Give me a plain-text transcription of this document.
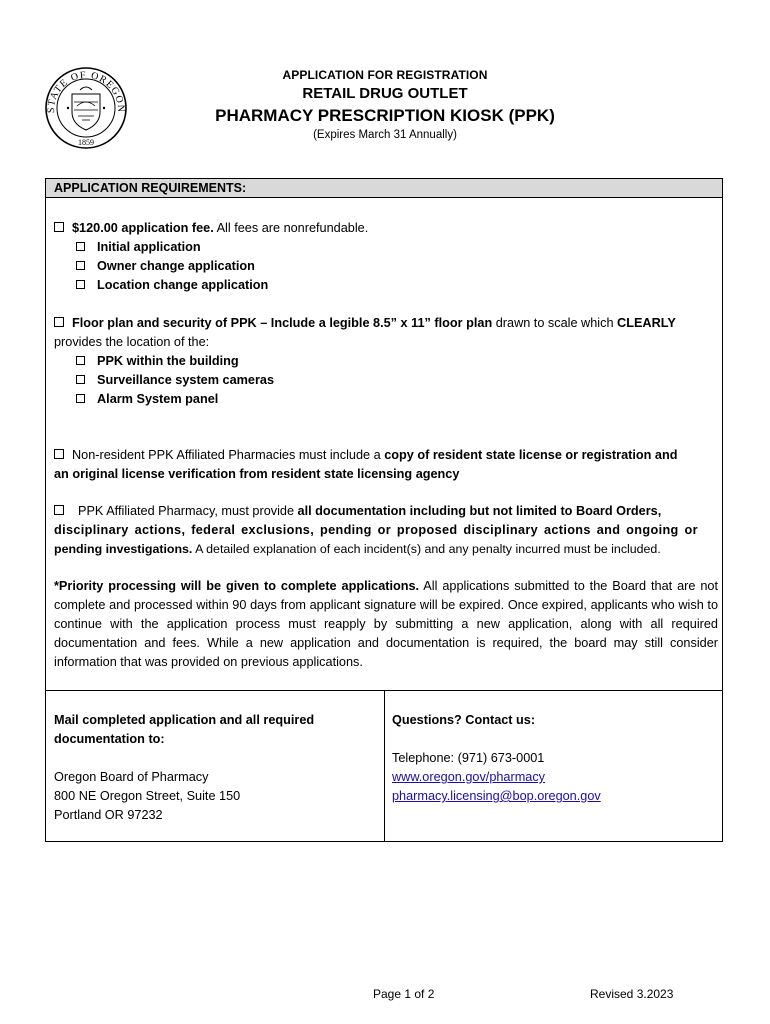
STATE OF OREGON
1859
APPLICATION FOR REGISTRATION
RETAIL DRUG OUTLET
PHARMACY PRESCRIPTION KIOSK (PPK)
(Expires March 31 Annually)
APPLICATION REQUIREMENTS:
$120.00 application fee. All fees are nonrefundable.
Initial application
Owner change application
Location change application
Floor plan and security of PPK – Include a legible 8.5” x 11” floor plan drawn to scale which CLEARLY
provides the location of the:
PPK within the building
Surveillance system cameras
Alarm System panel
Non-resident PPK Affiliated Pharmacies must include a copy of resident state license or registration and
an original license verification from resident state licensing agency
PPK Affiliated Pharmacy, must provide all documentation including but not limited to Board Orders,
disciplinary actions, federal exclusions, pending or proposed disciplinary actions and ongoing or
pending investigations. A detailed explanation of each incident(s) and any penalty incurred must be included.
*Priority processing will be given to complete applications. All applications submitted to the Board that are not complete and processed within 90 days from applicant signature will be expired. Once expired, applicants who wish to continue with the application process must reapply by submitting a new application, along with all required documentation and fees. While a new application and documentation is required, the board may still consider information that was provided on previous applications.
Mail completed application and all required
documentation to:
Oregon Board of Pharmacy
800 NE Oregon Street, Suite 150
Portland OR 97232
Questions? Contact us:
Telephone: (971) 673-0001
www.oregon.gov/pharmacy
pharmacy.licensing@bop.oregon.gov
Page 1 of 2	Revised 3.2023
